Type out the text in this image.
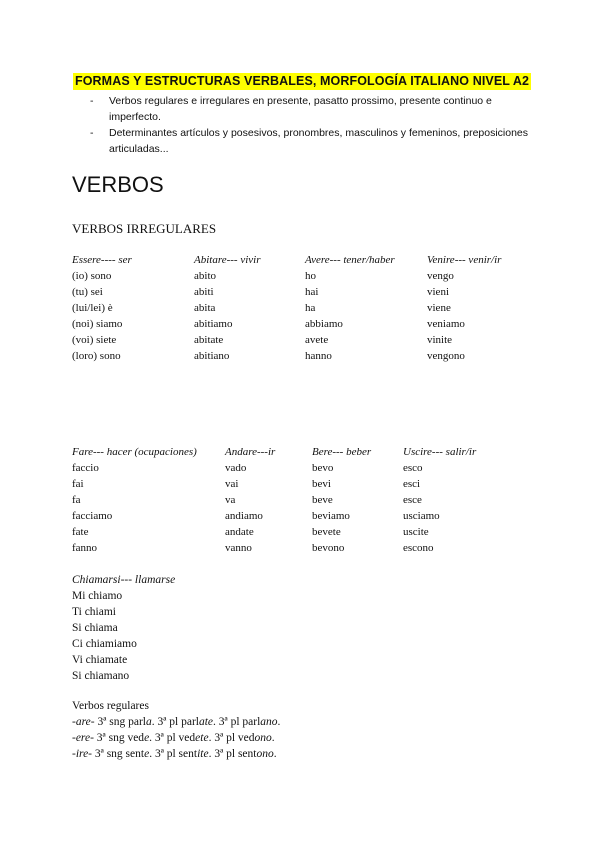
FORMAS Y ESTRUCTURAS VERBALES, MORFOLOGÍA ITALIANO NIVEL A2
- Verbos regulares e irregulares en presente, pasatto prossimo, presente continuo e imperfecto.
- Determinantes artículos y posesivos, pronombres, masculinos y femeninos, preposiciones articuladas...
VERBOS
VERBOS IRREGULARES
Essere---- ser
(io) sono
(tu) sei
(lui/lei) è
(noi) siamo
(voi) siete
(loro) sono
Abitare--- vivir
abito
abiti
abita
abitiamo
abitate
abitiano
Avere--- tener/haber
ho
hai
ha
abbiamo
avete
hanno
Venire--- venir/ir
vengo
vieni
viene
veniamo
vinite
vengono
Fare--- hacer (ocupaciones)
faccio
fai
fa
facciamo
fate
fanno
Andare---ir
vado
vai
va
andiamo
andate
vanno
Bere--- beber
bevo
bevi
beve
beviamo
bevete
bevono
Uscire--- salir/ir
esco
esci
esce
usciamo
uscite
escono
Chiamarsi--- llamarse
Mi chiamo
Ti chiami
Si chiama
Ci chiamiamo
Vi chiamate
Si chiamano
Verbos regulares
-are- 3ª sng parla. 3ª pl parlate. 3ª pl parlano.
-ere- 3ª sng vede. 3ª pl vedete. 3ª pl vedono.
-ire- 3ª sng sente. 3ª pl sentite. 3ª pl sentono.
